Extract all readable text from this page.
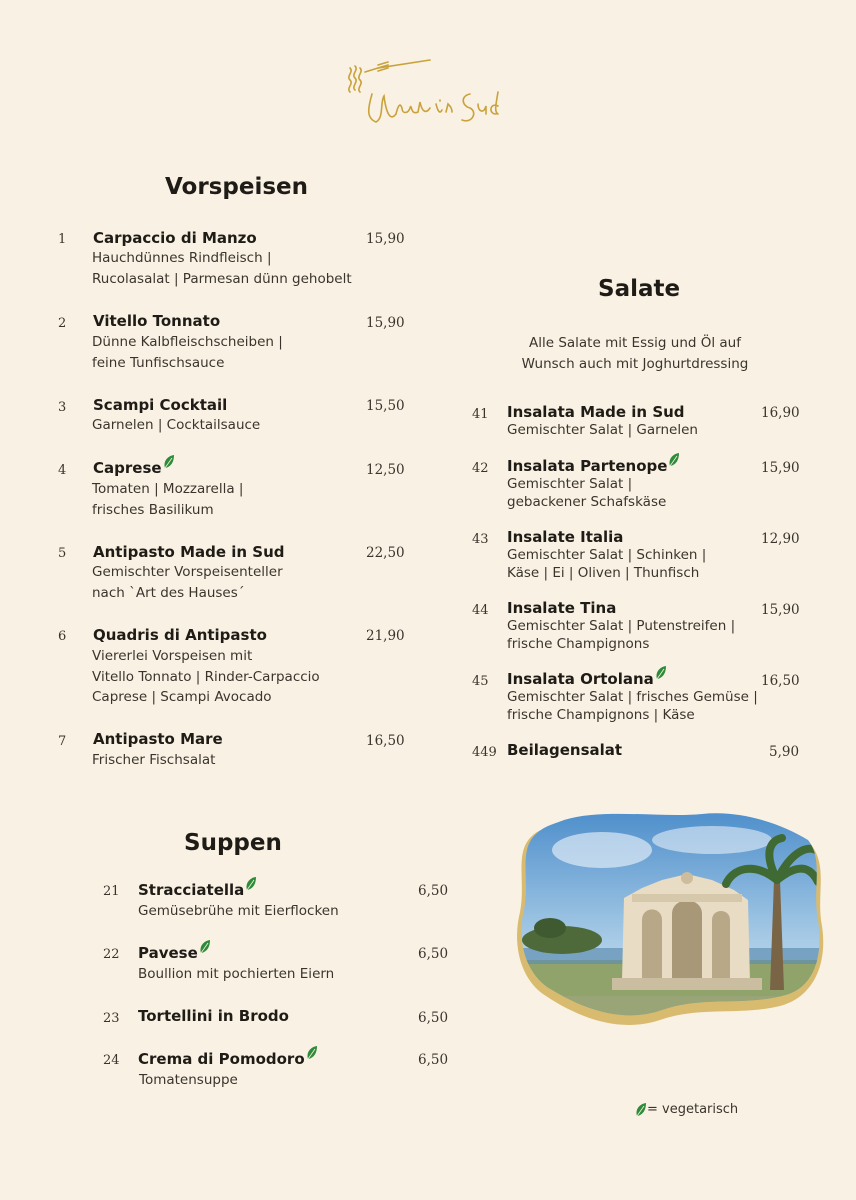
Vorspeisen
Salate
Suppen
Alle Salate mit Essig und Öl auf
Wunsch auch mit Joghurtdressing
1 Carpaccio di Manzo	15,90
Hauchdünnes Rindfleisch |
Rucolasalat | Parmesan dünn gehobelt
2 Vitello Tonnato	15,90
Dünne Kalbfleischscheiben |
feine Tunfischsauce
3 Scampi Cocktail	15,50
Garnelen | Cocktailsauce
4 Caprese	12,50
Tomaten | Mozzarella |
frisches Basilikum
5 Antipasto Made in Sud	22,50
Gemischter Vorspeisenteller
nach `Art des Hauses´
6 Quadris di Antipasto	21,90
Viererlei Vorspeisen mit
Vitello Tonnato | Rinder-Carpaccio
Caprese | Scampi Avocado
7 Antipasto Mare	16,50
Frischer Fischsalat
41 Insalata Made in Sud	16,90
Gemischter Salat | Garnelen
42 Insalata Partenope	15,90
Gemischter Salat |
gebackener Schafskäse
43 Insalate Italia	12,90
Gemischter Salat | Schinken |
Käse | Ei | Oliven | Thunfisch
44 Insalate Tina	15,90
Gemischter Salat | Putenstreifen |
frische Champignons
45 Insalata Ortolana	16,50
Gemischter Salat | frisches Gemüse |
frische Champignons | Käse
449 Beilagensalat	5,90
21 Stracciatella	6,50
Gemüsebrühe mit Eierflocken
22 Pavese	6,50
Boullion mit pochierten Eiern
23 Tortellini in Brodo	6,50
24 Crema di Pomodoro	6,50
Tomatensuppe
= vegetarisch
